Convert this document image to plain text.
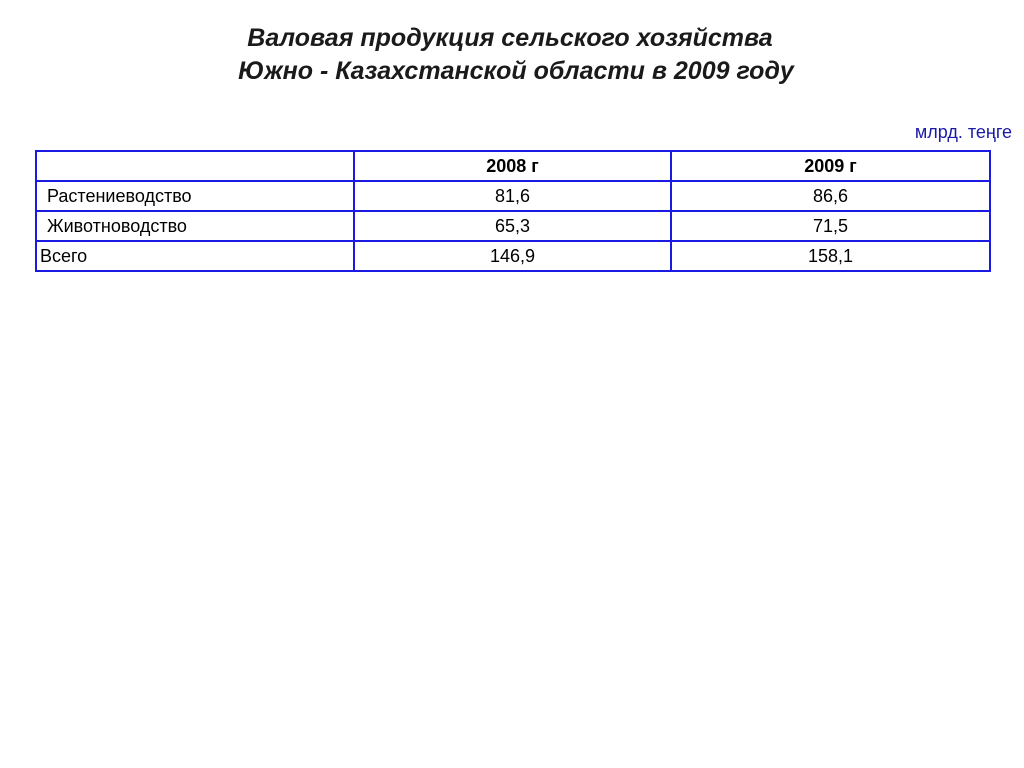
Валовая продукция сельского хозяйства
Южно - Казахстанской области в 2009 году
млрд. теңге
	2008 г	2009 г
Растениеводство	81,6	86,6
Животноводство	65,3	71,5
Всего	146,9	158,1
